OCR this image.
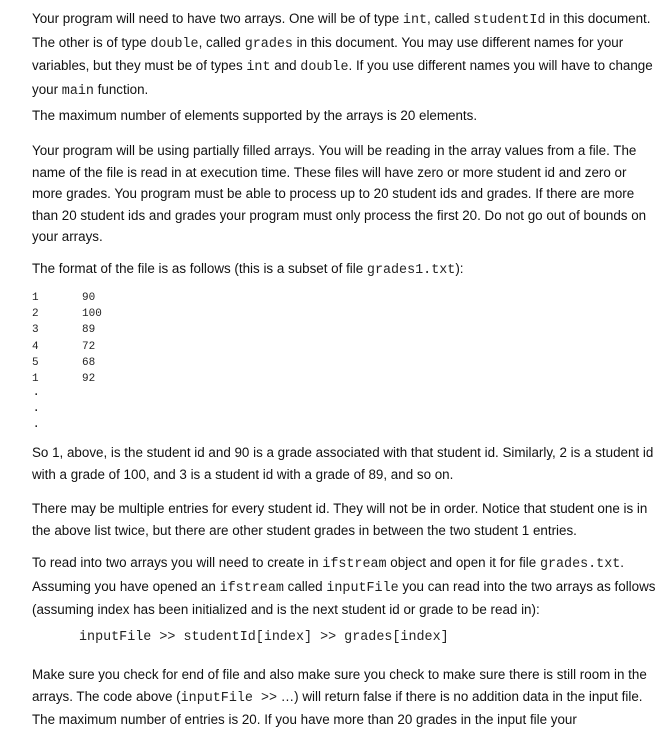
Your program will need to have two arrays. One will be of type int, called studentId in this document. The other is of type double, called grades in this document. You may use different names for your variables, but they must be of types int and double. If you use different names you will have to change your main function.

The maximum number of elements supported by the arrays is 20 elements.

Your program will be using partially filled arrays. You will be reading in the array values from a file. The name of the file is read in at execution time. These files will have zero or more student id and zero or more grades. You program must be able to process up to 20 student ids and grades. If there are more than 20 student ids and grades your program must only process the first 20. Do not go out of bounds on your arrays.

The format of the file is as follows (this is a subset of file grades1.txt):

1	90
2	100
3	89
4	72
5	68
1	92
.
.
.

So 1, above, is the student id and 90 is a grade associated with that student id. Similarly, 2 is a student id with a grade of 100, and 3 is a student id with a grade of 89, and so on.

There may be multiple entries for every student id. They will not be in order. Notice that student one is in the above list twice, but there are other student grades in between the two student 1 entries.

To read into two arrays you will need to create in ifstream object and open it for file grades.txt. Assuming you have opened an ifstream called inputFile you can read into the two arrays as follows (assuming index has been initialized and is the next student id or grade to be read in):

inputFile >> studentId[index] >> grades[index]

Make sure you check for end of file and also make sure you check to make sure there is still room in the arrays. The code above (inputFile >> …) will return false if there is no addition data in the input file. The maximum number of entries is 20. If you have more than 20 grades in the input file your
